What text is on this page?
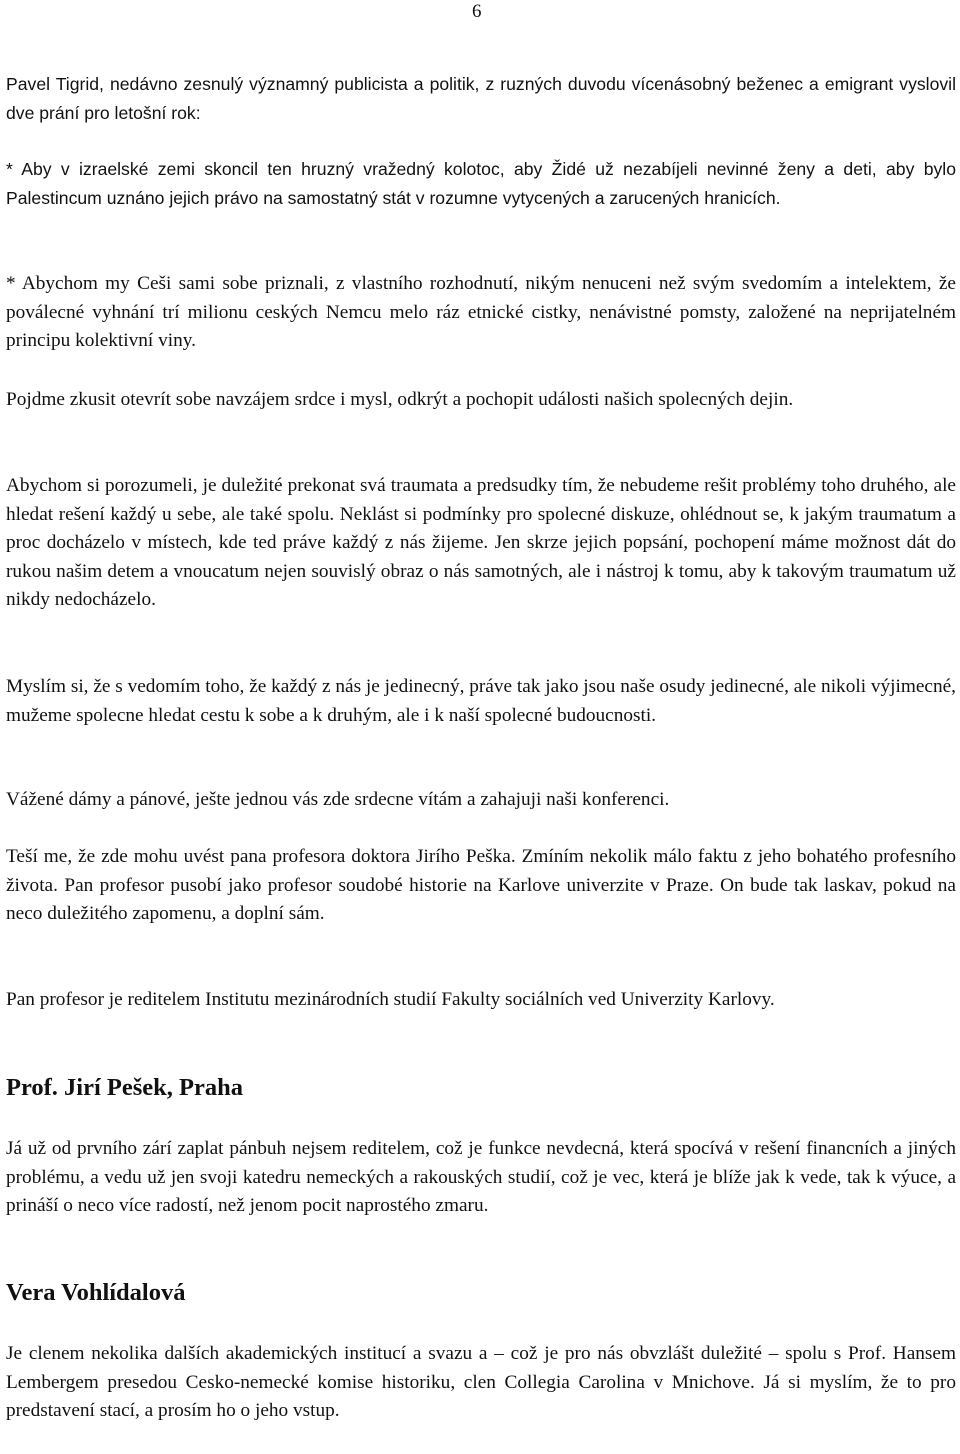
6

Pavel Tigrid, nedávno zesnulý významný publicista a politik, z ruzných duvodu vícenásobný beženec a emigrant vyslovil dve prání pro letošní rok:

* Aby v izraelské zemi skoncil ten hruzný vražedný kolotoc, aby Židé už nezabíjeli nevinné ženy a deti, aby bylo Palestincum uznáno jejich právo na samostatný stát v rozumne vytycených a zarucených hranicích.

* Abychom my Ceši sami sobe priznali, z vlastního rozhodnutí, nikým nenuceni než svým svedomím a intelektem, že poválecné vyhnání trí milionu ceských Nemcu melo ráz etnické cistky, nenávistné pomsty, založené na neprijatelném principu kolektivní viny.

Pojdme zkusit otevrít sobe navzájem srdce i mysl, odkrýt a pochopit události našich spolecných dejin.

Abychom si porozumeli, je duležité prekonat svá traumata a predsudky tím, že nebudeme rešit problémy toho druhého, ale hledat rešení každý u sebe, ale také spolu. Neklást si podmínky pro spolecné diskuze, ohlédnout se, k jakým traumatum a proc docházelo v místech, kde ted práve každý z nás žijeme. Jen skrze jejich popsání, pochopení máme možnost dát do rukou našim detem a vnoucatum nejen souvislý obraz o nás samotných, ale i nástroj k tomu, aby k takovým traumatum už nikdy nedocházelo.

Myslím si, že s vedomím toho, že každý z nás je jedinecný, práve tak jako jsou naše osudy jedinecné, ale nikoli výjimecné, mužeme spolecne hledat cestu k sobe a k druhým, ale i k naší spolecné budoucnosti.

Vážené dámy a pánové, ješte jednou vás zde srdecne vítám a zahajuji naši konferenci.

Teší me, že zde mohu uvést pana profesora doktora Jirího Peška. Zmíním nekolik málo faktu z jeho bohatého profesního života. Pan profesor pusobí jako profesor soudobé historie na Karlove univerzite v Praze. On bude tak laskav, pokud na neco duležitého zapomenu, a doplní sám.

Pan profesor je reditelem Institutu mezinárodních studií Fakulty sociálních ved Univerzity Karlovy.

Prof. Jirí Pešek, Praha

Já už od prvního zárí zaplat pánbuh nejsem reditelem, což je funkce nevdecná, která spocívá v rešení financních a jiných problému, a vedu už jen svoji katedru nemeckých a rakouských studií, což je vec, která je blíže jak k vede, tak k výuce, a prináší o neco více radostí, než jenom pocit naprostého zmaru.

Vera Vohlídalová

Je clenem nekolika dalších akademických institucí a svazu a – což je pro nás obvzlášt duležité – spolu s Prof. Hansem Lembergem presedou Cesko-nemecké komise historiku, clen Collegia Carolina v Mnichove. Já si myslím, že to pro predstavení stací, a prosím ho o jeho vstup.
